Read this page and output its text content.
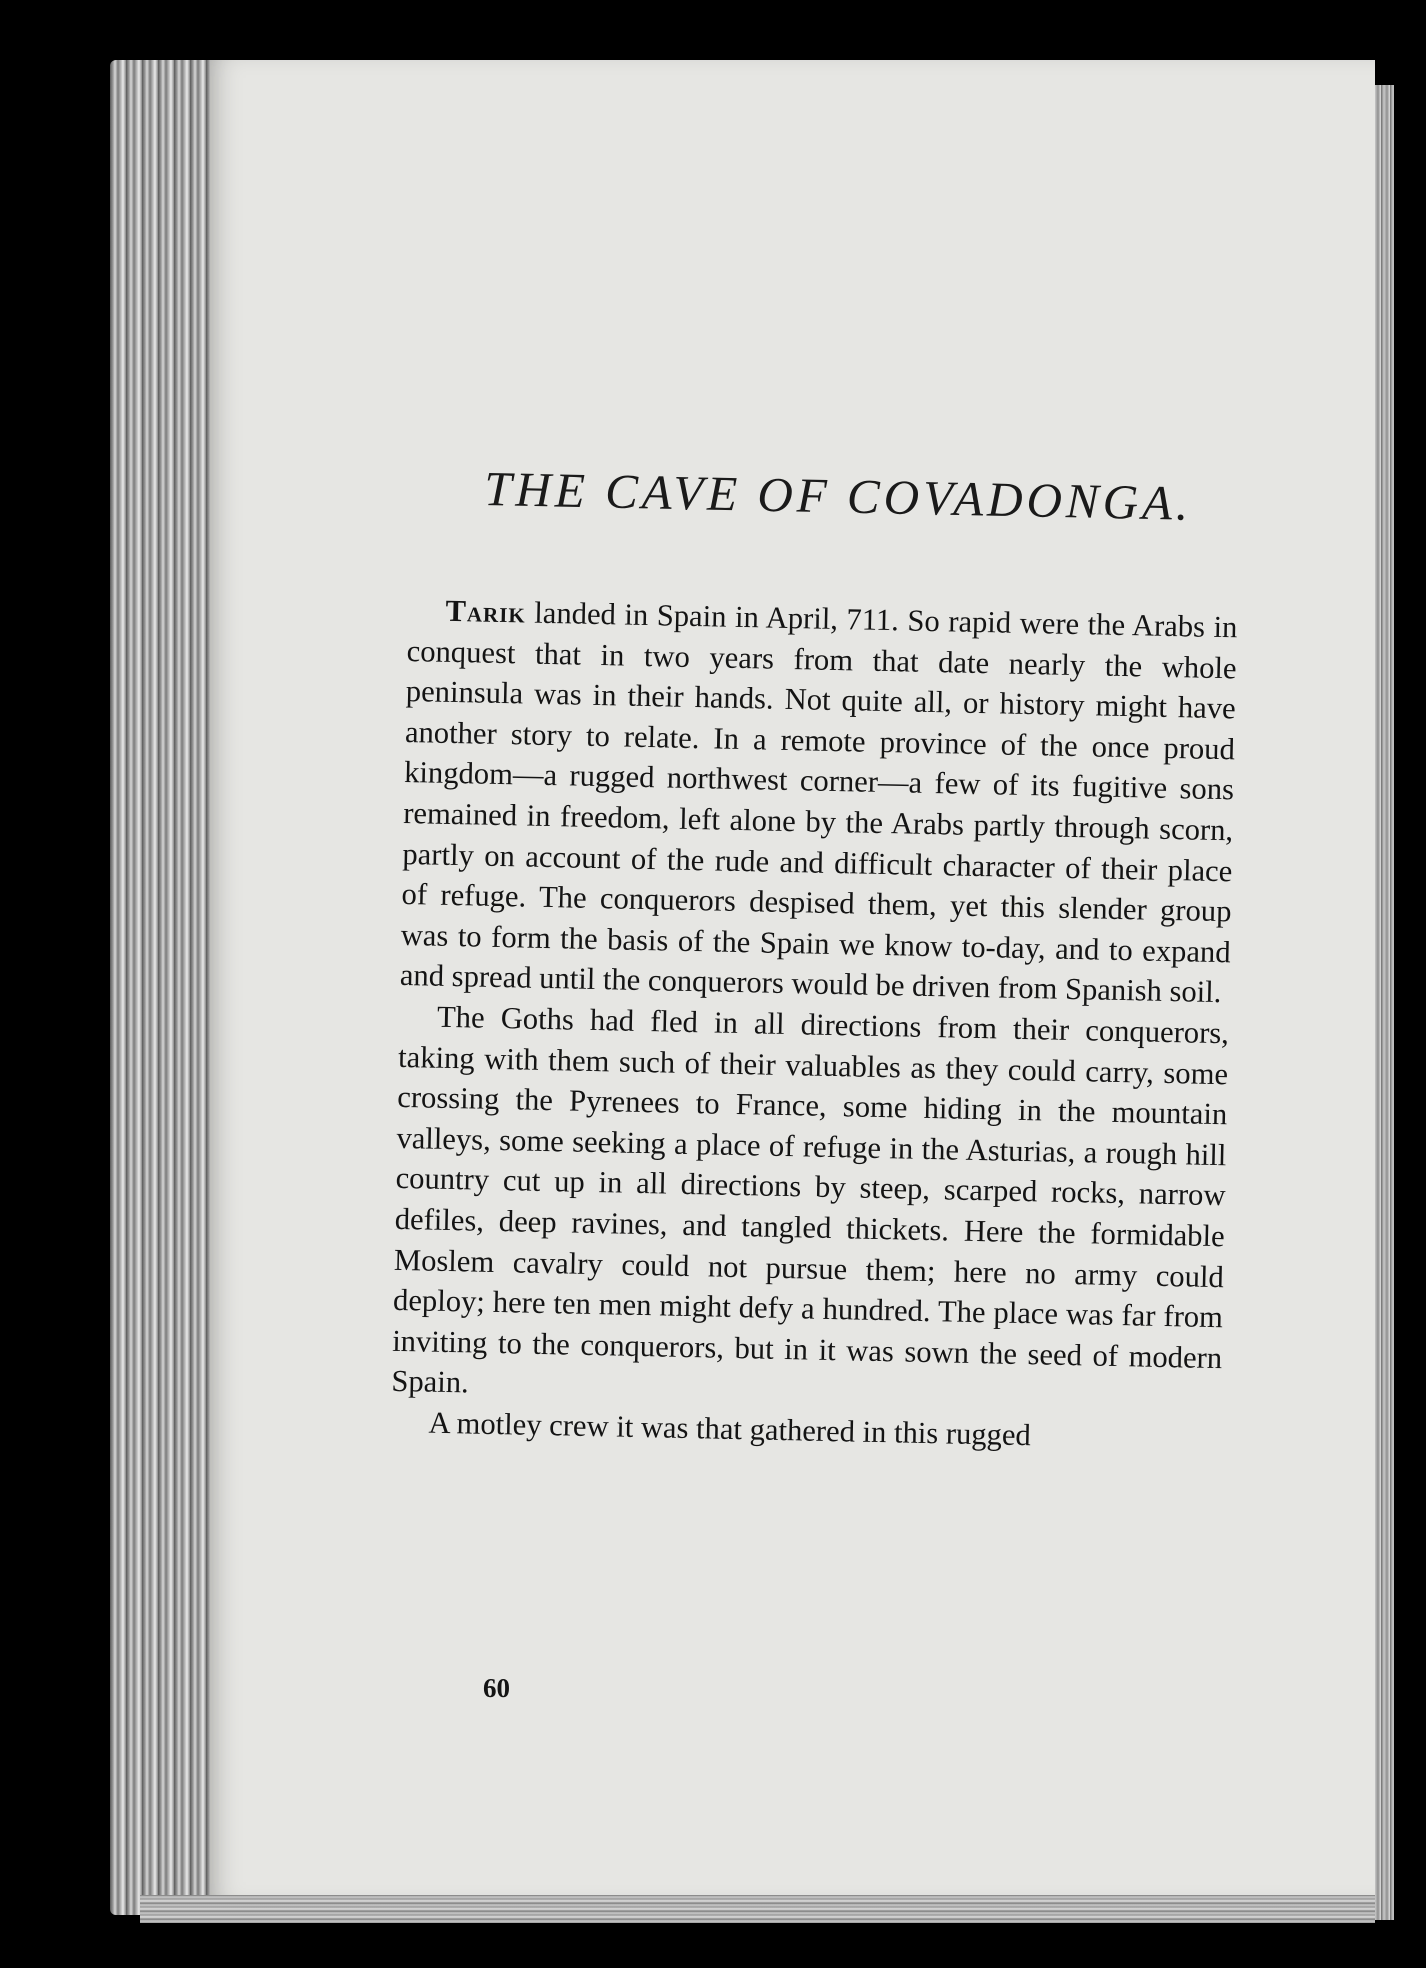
THE CAVE OF COVADONGA.

Tarik landed in Spain in April, 711. So rapid were the Arabs in conquest that in two years from that date nearly the whole peninsula was in their hands. Not quite all, or history might have another story to relate. In a remote province of the once proud kingdom—a rugged northwest corner—a few of its fugitive sons remained in freedom, left alone by the Arabs partly through scorn, partly on account of the rude and difficult character of their place of refuge. The conquerors despised them, yet this slender group was to form the basis of the Spain we know to-day, and to expand and spread until the conquerors would be driven from Spanish soil.

The Goths had fled in all directions from their conquerors, taking with them such of their valuables as they could carry, some crossing the Pyrenees to France, some hiding in the mountain valleys, some seeking a place of refuge in the Asturias, a rough hill country cut up in all directions by steep, scarped rocks, narrow defiles, deep ravines, and tangled thickets. Here the formidable Moslem cavalry could not pursue them; here no army could deploy; here ten men might defy a hundred. The place was far from inviting to the conquerors, but in it was sown the seed of modern Spain.

A motley crew it was that gathered in this rugged

60
